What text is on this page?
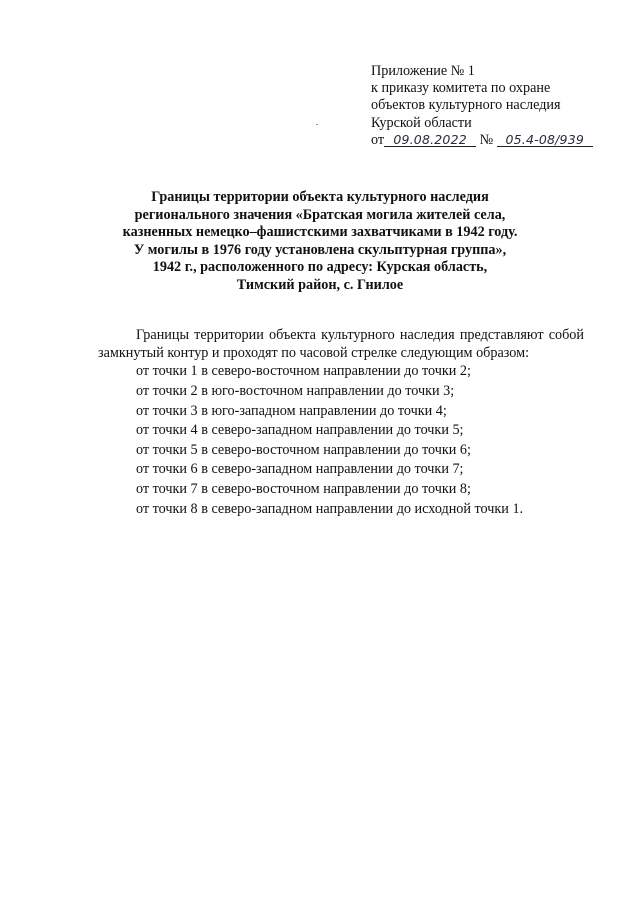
Приложение № 1
к приказу комитета по охране
объектов культурного наследия
Курской области
от 09.08.2022 № 05.4-08/939
Границы территории объекта культурного наследия
регионального значения «Братская могила жителей села,
казненных немецко–фашистскими захватчиками в 1942 году.
У могилы в 1976 году установлена скульптурная группа»,
1942 г., расположенного по адресу: Курская область,
Тимский район, с. Гнилое

Границы территории объекта культурного наследия представляют собой замкнутый контур и проходят по часовой стрелке следующим образом:

от точки 1 в северо-восточном направлении до точки 2;
от точки 2 в юго-восточном направлении до точки 3;
от точки 3 в юго-западном направлении до точки 4;
от точки 4 в северо-западном направлении до точки 5;
от точки 5 в северо-восточном направлении до точки 6;
от точки 6 в северо-западном направлении до точки 7;
от точки 7 в северо-восточном направлении до точки 8;
от точки 8 в северо-западном направлении до исходной точки 1.
